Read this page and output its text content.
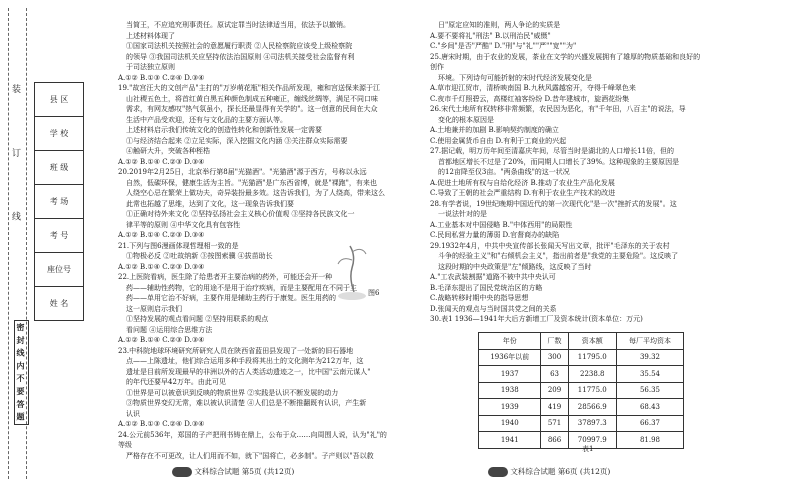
装 订 线
密 封 线 内 不 要 答 题
县 区
学 校
班 级
考 场
考 号
座位号
姓 名

当简王，不应追究刑事责任。原试定罪当时法律适当用，依法予以撤销。

上述材料体现了

①国家司法机关按照社会的意愿履行职责 ②人民检察院应该受上级检察院

的领导 ③我国司法机关应坚持依法治国原则 ④司法机关接受社会监督有利

于司法独立原则

A.①② B.①③ C.②④ D.③④

19."故宫汪大的文创产品"主打的"万岁萌花瓶"相关作品所发现，雍和宫送保来源于江

山社稷五色土，将首红黄白黑五种颜色制成五种雍正，缠线丝绸等，满足不同口味

需求，有网友感叹"热气氛虽小，探长还最显得有关学的"。这一创意的民间在大众

生活中产品受欢迎，还有与文化品的主要方面认等。

上述材料启示我们传统文化的创造性转化和创新性发展一定需要

①与经济结合起来 ②立足实际，深入挖掘文化内涵 ③关注群众实际需要

④触研大升，突破各种桎梏

A.①② B.①④ C.②③ D.③④

20.2019年2月25日，北京举行第8届"光猫酒"。"光猫酒"源于西方，号称以永远

自然，低碳环保，健康生活为主旨。"光猫酒"是广东西省博，就是"裸跑"，有来也

人绕空心忌在繁荣上做功夫，奇异装扮最多效。这告诉我们，为了人绕高，带来这么

此常也拓越了思维，达到了文化，这一现象告诉我们要

①正确对待外来文化 ②坚持弘扬社会主义核心价值观 ③坚持各民族文化一

律平等的原则 ④中华文化具有包容性

A.①② B.①④ C.②③ D.③④

21.下列与图6漫画体现哲理相一致的是

①物极必反 ②吐故纳新 ③按图索骥 ④拔苗助长

A.①② B.①④ C.②③ D.③④

22.上医院看病，医生除了给患者开主要治病的药外，可能还会开一种

药——辅助性药物，它的用途不是用于治疗疾病，而是主要配用在不同于主

药——单用它治不好病，主要作用是辅助主药行于康复。医生用药的

这一原则启示我们

①坚持发展的观点看问题 ②坚持用联系的观点

看问题 ④运用综合思维方法

A.①② B.①④ C.②③ D.③④

23.中科院地球环境研究所研究人员在陕西省蓝田县发现了一处新的旧石器地

点——上陈遗址，他们综合运用多种手段将其出土的文化测年为212万年，这

遗址是目前所发现最早的非洲以外的古人类活动遗迹之一，比中国"云南元谋人"

的年代还要早42万年。由此可见

①世界是可以被意识到反映的物质世界 ②实践是认识不断发展的动力

③物质世界变幻无常，难以被认识清楚 ④人们总是不断推翻既有认识，产生新

认识

A.①② B.①③ C.②④ D.③④

24.公元前536年，郑国的子产把刑书铸在鼎上，公布于众……向周围人说，认为"礼"的等级

严格存在不可更改，让人们用而不如，就下"国将亡，必多制"。子产则以"吾以救

图6

日"原定应知的准则，两人争论的实质是

A.要不要将礼"刑法" B.以刑治民"威慑"

C."乡间"是否"严酷" D."刑"与"礼""严""宽""为"

25.唐宋时期，由于农业的发展，茶业在文学的兴盛发展拥有了雄厚的物质基础和良好的创作

环境。下列诗句可能折射的宋时代经济发展变化是

A.草市迎江贸市，清桥映南国 B.九秋风露越窑开，夺得千峰翠色来

C.夜市千灯照碧云，高楼红袖客纷纷 D.昔年建城市，旋酒花纷集

26.宋代土地所有权转移非常频繁，农民因为恶化，有"千年田，八百主"的说法，导

变化的根本原因是

A.土地兼并的加剧 B.影响契约制度的确立

C.使用金属货币自由 D.有利于工商业的兴起

27.据记载，明万历年间至清嘉庆年间，尽管当时是湖北的人口增长11倍，但的

首都地区增长不过是了20%，而同期人口增长了39%。这种现象的主要原因是

的12亩降至仅3亩。"两条曲线"的这一状况

A.促进土地所有权与自给化经济 B.推动了农业生产品化发展

C.导致了王朝的社会严重结构 D.有利于农业生产技术的改进

28.有学者说，19世纪晚期中国近代的第一次现代化"是一次"挫折式的发展"。这

一说法针对的是

A.工业基本对中国侵略 B."中体西用"的局限性

C.民间私营力量的薄弱 D.官督商办的缺陷

29.1932年4月，中共中央宣传部长张闻天写出文章，批评"毛泽东的关于农村

斗争的经验主义"和"右倾机会主义"，指出前者是"我党的主要危险"。这反映了

这段时期的中央政策是"左"倾路线，这反映了当时

A."工农武装割据"道路不被中共中央认可

B.毛泽东提出了国民党统治区的方略

C.战略转移时期中央的指导思想

D.张闻天的观点与当时国共党之间的关系

30.表1 1936—1941年大后方新增工厂及资本统计(资本单位：万元)

年份	厂数	资本额	每厂平均资本
1936年以前	300	11795.0	39.32
1937	63	2238.8	35.54
1938	209	11775.0	56.35
1939	419	28566.9	68.43
1940	571	37897.3	66.37
1941	866	70997.9	81.98
表1
文科综合试题 第5页 (共12页)	文科综合试题 第6页 (共12页)
